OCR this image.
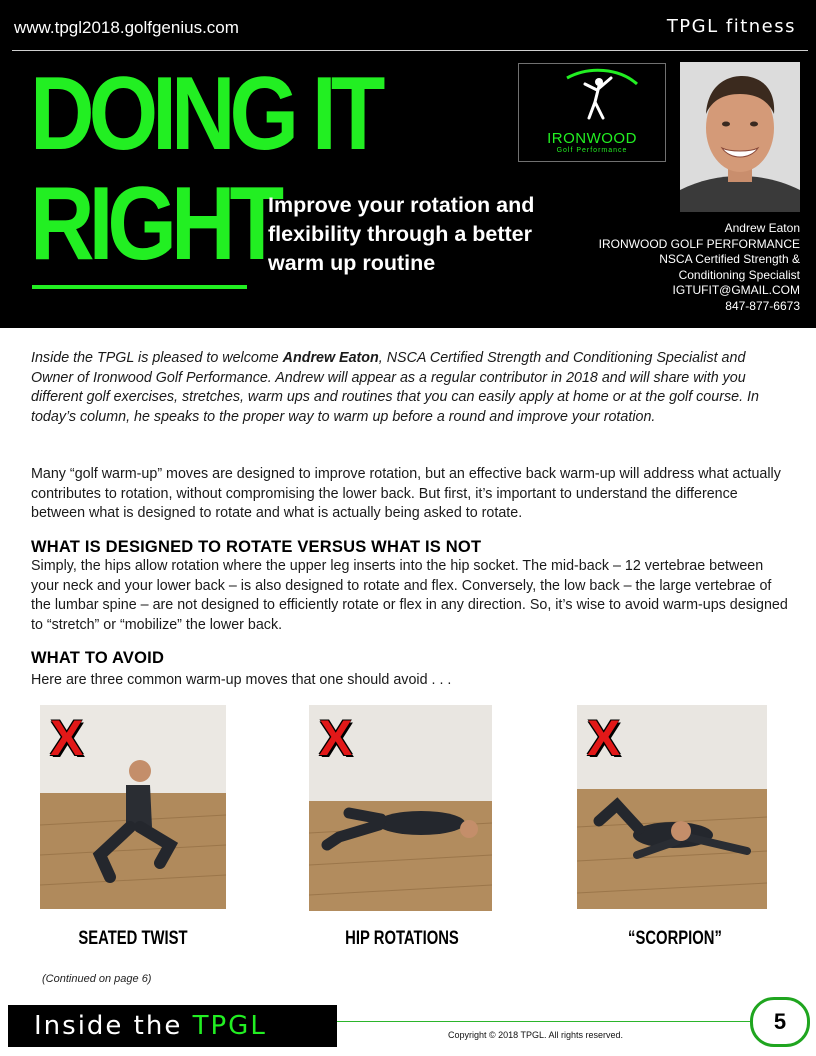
www.tpgl2018.golfgenius.com	TPGL fitness
DOING IT
RIGHT
Improve your rotation and flexibility through a better warm up routine
IRONWOOD
Golf Performance
Andrew Eaton
IRONWOOD GOLF PERFORMANCE
NSCA Certified Strength &
Conditioning Specialist
IGTUFIT@GMAIL.COM
847-877-6673
Inside the TPGL is pleased to welcome Andrew Eaton, NSCA Certified Strength and Conditioning Specialist and Owner of Ironwood Golf Performance. Andrew will appear as a regular contributor in 2018 and will share with you different golf exercises, stretches, warm ups and routines that you can easily apply at home or at the golf course. In today’s column, he speaks to the proper way to warm up before a round and improve your rotation.
Many “golf warm-up” moves are designed to improve rotation, but an effective back warm-up will address what actually contributes to rotation, without compromising the lower back. But first, it’s important to understand the difference between what is designed to rotate and what is actually being asked to rotate.
WHAT IS DESIGNED TO ROTATE VERSUS WHAT IS NOT
Simply, the hips allow rotation where the upper leg inserts into the hip socket. The mid-back – 12 vertebrae between your neck and your lower back – is also designed to rotate and flex. Conversely, the low back – the large vertebrae of the lumbar spine – are not designed to efficiently rotate or flex in any direction. So, it’s wise to avoid warm-ups designed to “stretch” or “mobilize” the lower back.
WHAT TO AVOID
Here are three common warm-up moves that one should avoid . . .
X	X	X
SEATED TWIST	HIP ROTATIONS	“SCORPION”
(Continued on page 6)
Inside the TPGL	Copyright © 2018 TPGL. All rights reserved.
5
